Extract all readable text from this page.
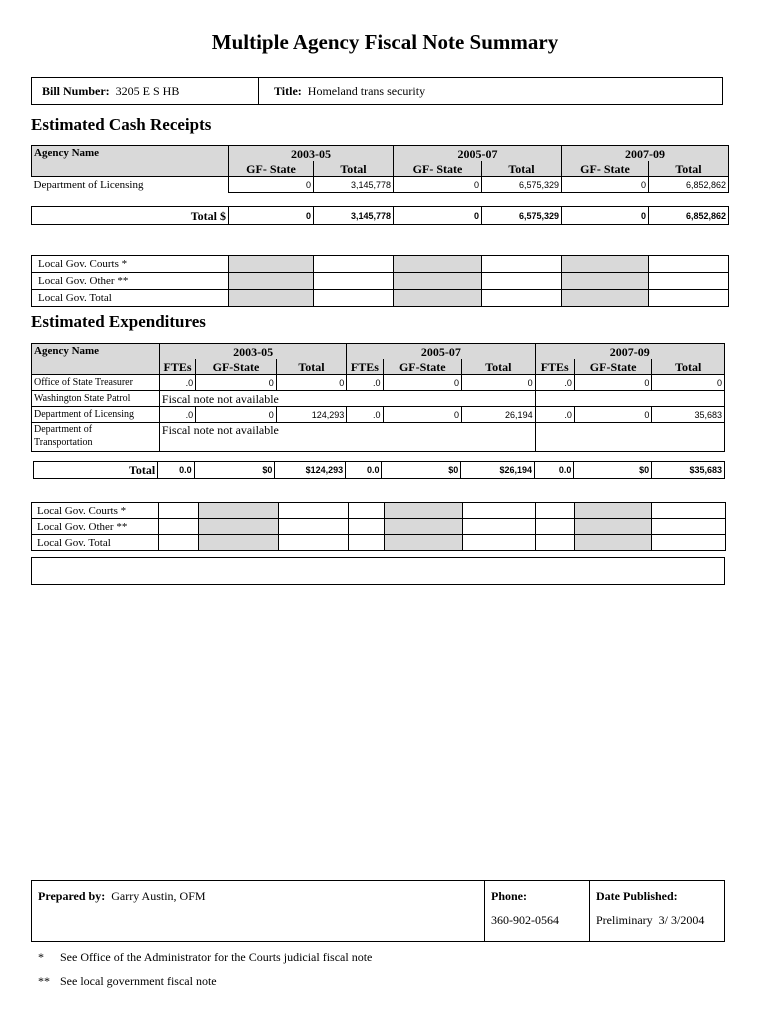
Multiple Agency Fiscal Note Summary
Bill Number: 3205 E S HB	Title: Homeland trans security
Estimated Cash Receipts
Agency Name	2003-05		2005-07		2007-09	
	GF- State	Total	GF- State	Total	GF- State	Total
Department of Licensing	0	3,145,778	0	6,575,329	0	6,852,862
Total $	0	3,145,778	0	6,575,329	0	6,852,862
Local Gov. Courts *						
Local Gov. Other **						
Local Gov. Total						
Estimated Expenditures
Agency Name	2003-05			2005-07			2007-09		
	FTEs	GF-State	Total	FTEs	GF-State	Total	FTEs	GF-State	Total
Office of State Treasurer	.0	0	0	.0	0	0	.0	0	0
Washington State Patrol	Fiscal note not available								
Department of Licensing	.0	0	124,293	.0	0	26,194	.0	0	35,683
Department of
Transportation	Fiscal note not available								
Total	0.0	$0	$124,293	0.0	$0	$26,194	0.0	$0	$35,683
Local Gov. Courts *									
Local Gov. Other **									
Local Gov. Total									
Prepared by: Garry Austin, OFM	Phone:
360-902-0564
Date Published:
Preliminary  3/ 3/2004
* See Office of the Administrator for the Courts judicial fiscal note
** See local government fiscal note
